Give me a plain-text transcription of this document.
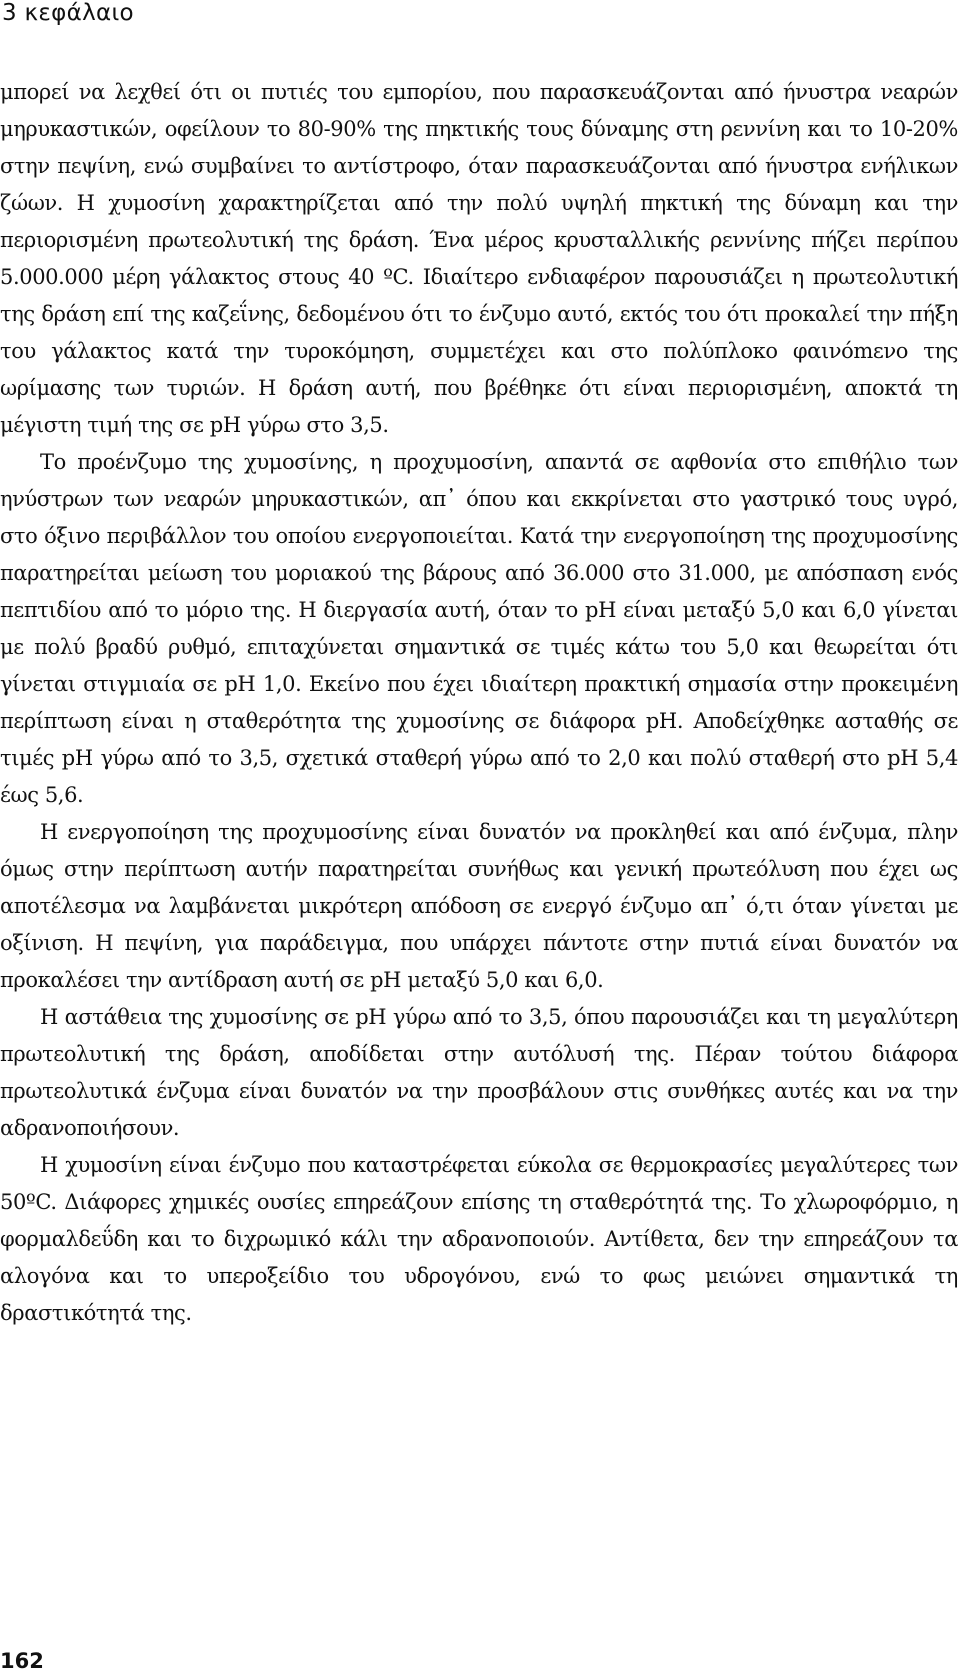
3 κεφάλαιο

μπορεί να λεχθεί ότι οι πυτιές του εμπορίου, που παρασκευάζονται από ήνυστρα νεαρών μηρυκαστικών, οφείλουν το 80-90% της πηκτικής τους δύναμης στη ρεννίνη και το 10-20% στην πεψίνη, ενώ συμβαίνει το αντίστροφο, όταν παρασκευάζονται από ήνυστρα ενήλικων ζώων. Η χυμοσίνη χαρακτηρίζεται από την πολύ υψηλή πηκτική της δύναμη και την περιορισμένη πρωτεολυτική της δράση. Ένα μέρος κρυσταλλικής ρεννίνης πήζει περίπου 5.000.000 μέρη γάλακτος στους 40 ºC. Ιδιαίτερο ενδιαφέρον παρουσιάζει η πρωτεολυτική της δράση επί της καζεΐνης, δεδομένου ότι το ένζυμο αυτό, εκτός του ότι προκαλεί την πήξη του γάλακτος κατά την τυροκόμηση, συμμετέχει και στο πολύπλοκο φαινόmενο της ωρίμασης των τυριών. Η δράση αυτή, που βρέθηκε ότι είναι περιορισμένη, αποκτά τη μέγιστη τιμή της σε pH γύρω στο 3,5.

Το προένζυμο της χυμοσίνης, η προχυμοσίνη, απαντά σε αφθονία στο επιθήλιο των ηνύστρων των νεαρών μηρυκαστικών, απ᾽ όπου και εκκρίνεται στο γαστρικό τους υγρό, στο όξινο περιβάλλον του οποίου ενεργοποιείται. Κατά την ενεργοποίηση της προχυμοσίνης παρατηρείται μείωση του μοριακού της βάρους από 36.000 στο 31.000, με απόσπαση ενός πεπτιδίου από το μόριο της. Η διεργασία αυτή, όταν το pH είναι μεταξύ 5,0 και 6,0 γίνεται με πολύ βραδύ ρυθμό, επιταχύνεται σημαντικά σε τιμές κάτω του 5,0 και θεωρείται ότι γίνεται στιγμιαία σε pH 1,0. Εκείνο που έχει ιδιαίτερη πρακτική σημασία στην προκειμένη περίπτωση είναι η σταθερότητα της χυμοσίνης σε διάφορα pH. Αποδείχθηκε ασταθής σε τιμές pH γύρω από το 3,5, σχετικά σταθερή γύρω από το 2,0 και πολύ σταθερή στο pH 5,4 έως 5,6.

Η ενεργοποίηση της προχυμοσίνης είναι δυνατόν να προκληθεί και από ένζυμα, πλην όμως στην περίπτωση αυτήν παρατηρείται συνήθως και γενική πρωτεόλυση που έχει ως αποτέλεσμα να λαμβάνεται μικρότερη απόδοση σε ενεργό ένζυμο απ᾽ ό,τι όταν γίνεται με οξίνιση. Η πεψίνη, για παράδειγμα, που υπάρχει πάντοτε στην πυτιά είναι δυνατόν να προκαλέσει την αντίδραση αυτή σε pH μεταξύ 5,0 και 6,0.

Η αστάθεια της χυμοσίνης σε pH γύρω από το 3,5, όπου παρουσιάζει και τη μεγαλύτερη πρωτεολυτική της δράση, αποδίδεται στην αυτόλυσή της. Πέραν τούτου διάφορα πρωτεολυτικά ένζυμα είναι δυνατόν να την προσβάλουν στις συνθήκες αυτές και να την αδρανοποιήσουν.

Η χυμοσίνη είναι ένζυμο που καταστρέφεται εύκολα σε θερμοκρασίες μεγαλύτερες των 50ºC. Διάφορες χημικές ουσίες επηρεάζουν επίσης τη σταθερότητά της. Το χλωροφόρμιο, η φορμαλδεΰδη και το διχρωμικό κάλι την αδρανοποιούν. Αντίθετα, δεν την επηρεάζουν τα αλογόνα και το υπεροξείδιο του υδρογόνου, ενώ το φως μειώνει σημαντικά τη δραστικότητά της.

162
